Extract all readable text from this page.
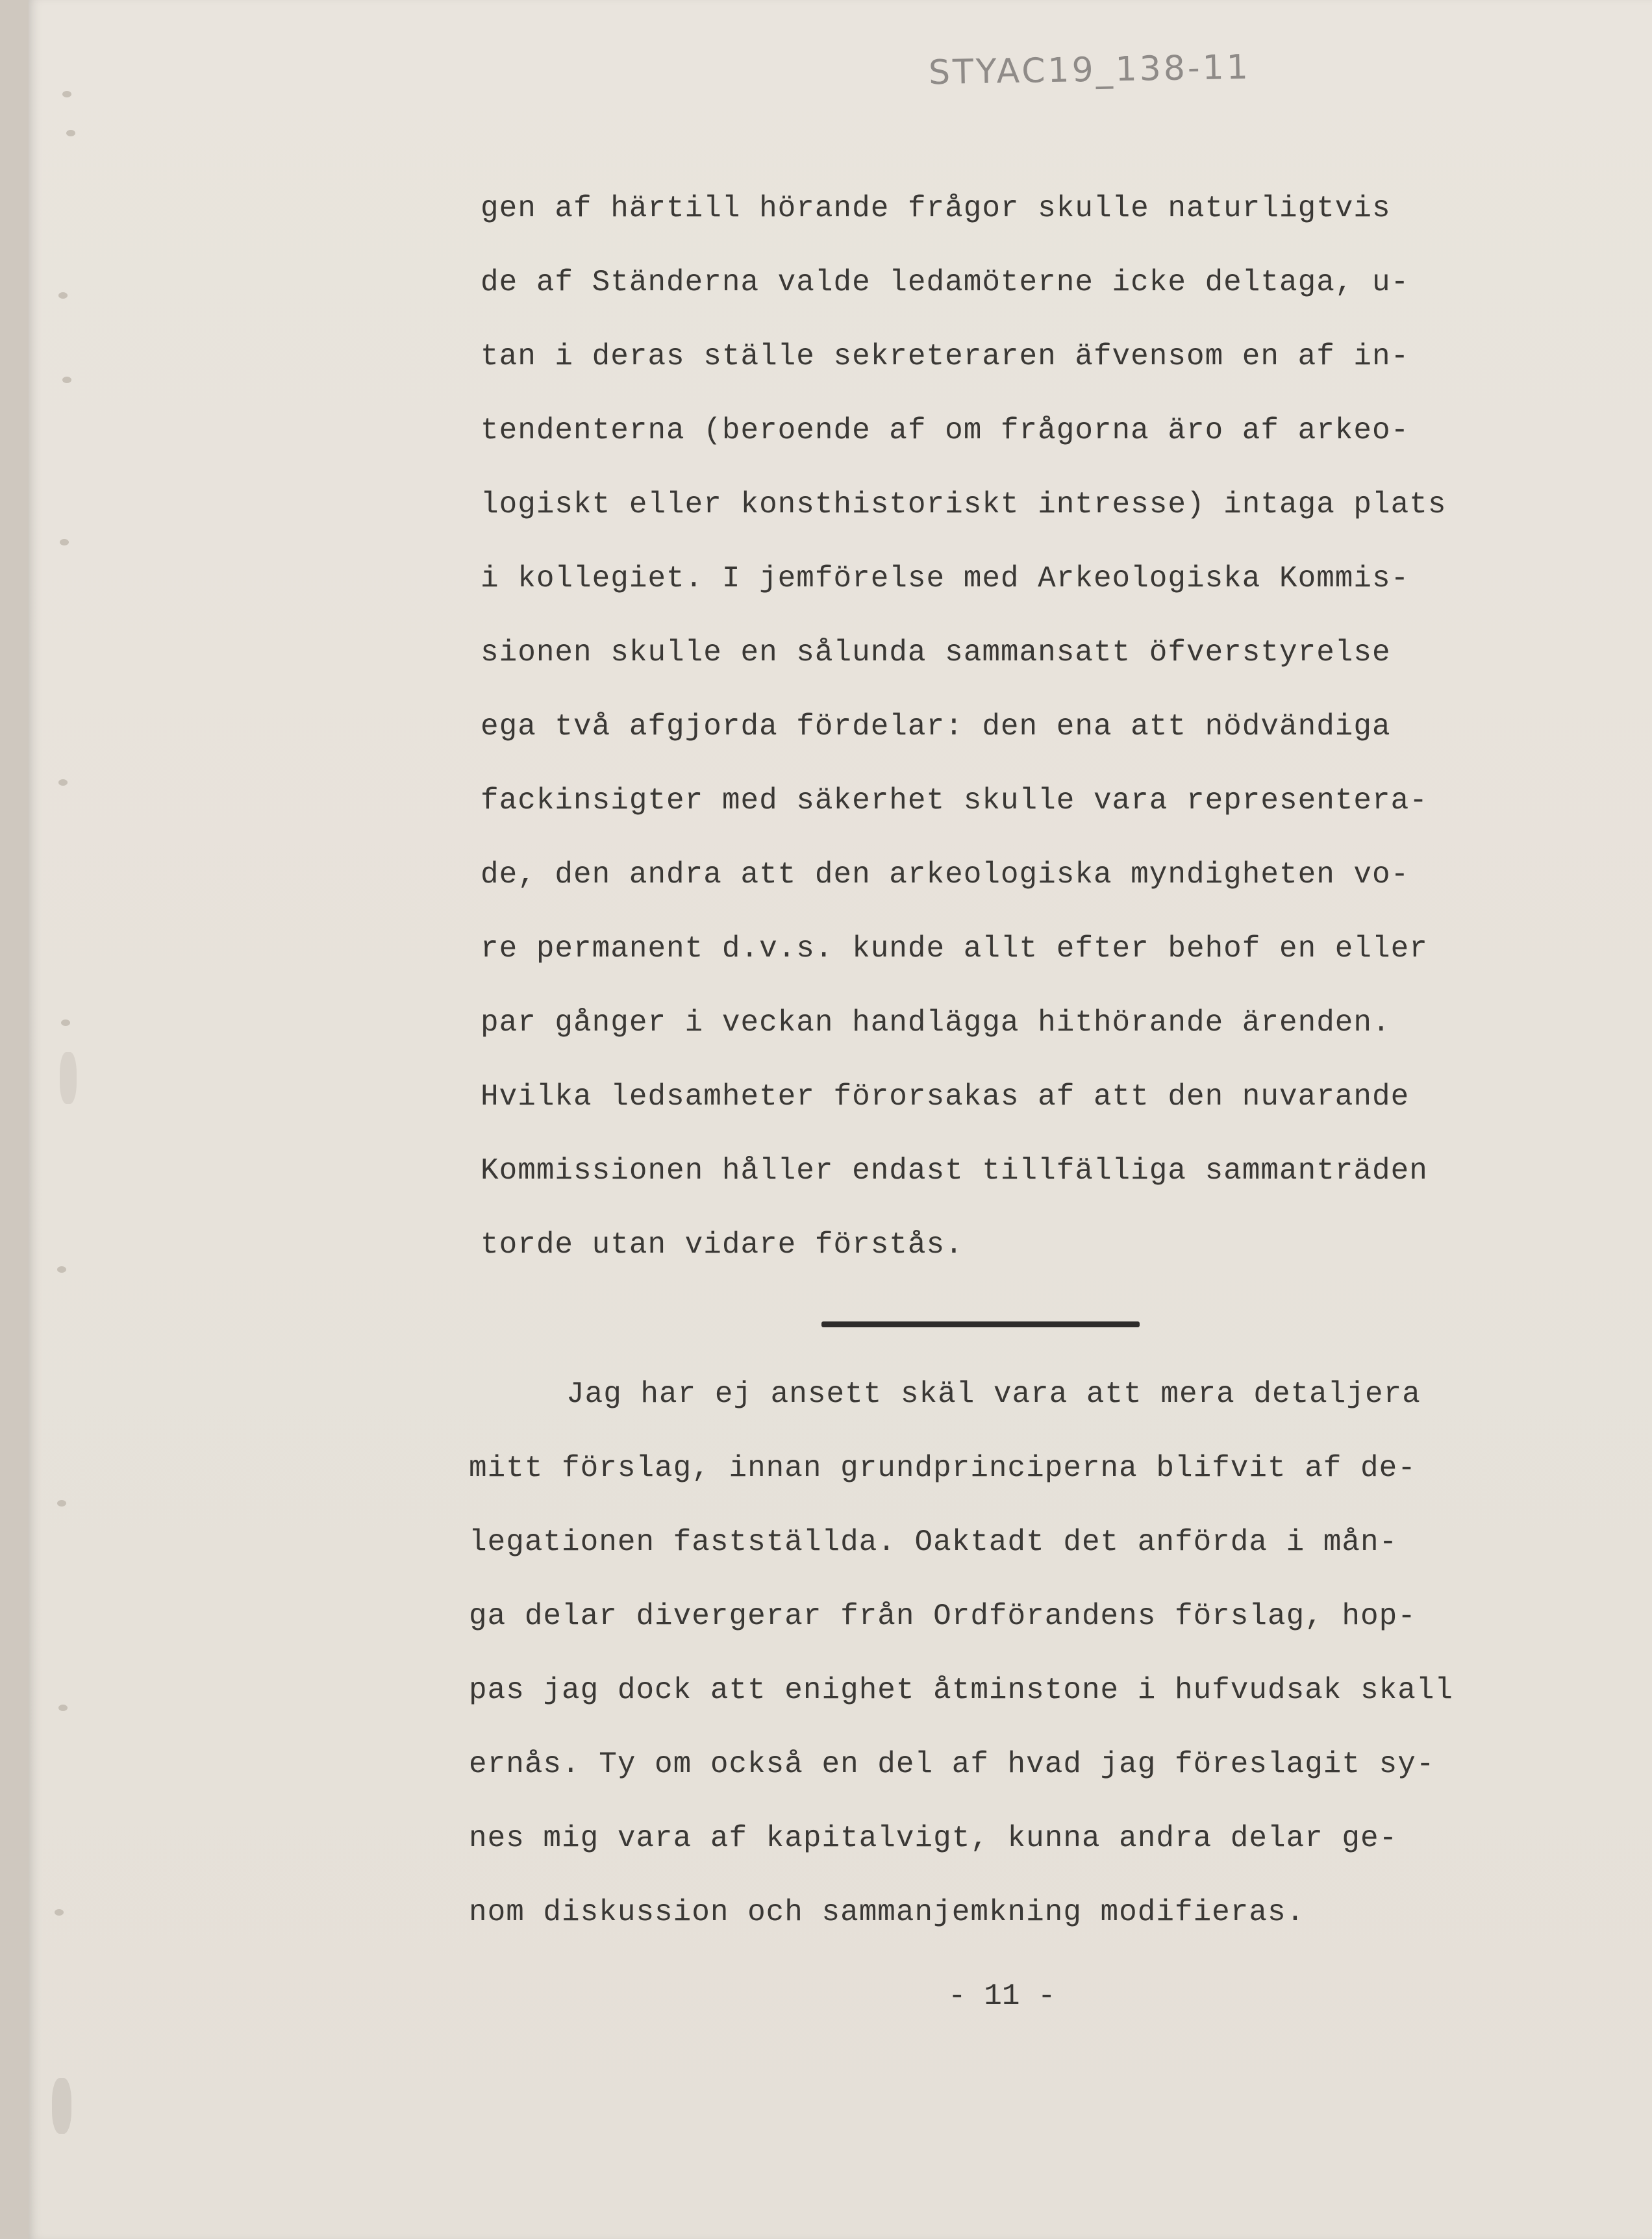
STYAC19_138-11

gen af härtill hörande frågor skulle naturligtvis
de af Ständerna valde ledamöterne icke deltaga, u-
tan i deras ställe sekreteraren äfvensom en af in-
tendenterna (beroende af om frågorna äro af arkeo-
logiskt eller konsthistoriskt intresse) intaga plats
i kollegiet. I jemförelse med Arkeologiska Kommis-
sionen skulle en sålunda sammansatt öfverstyrelse
ega två afgjorda fördelar: den ena att nödvändiga
fackinsigter med säkerhet skulle vara representera-
de, den andra att den arkeologiska myndigheten vo-
re permanent d.v.s. kunde allt efter behof en eller
par gånger i veckan handlägga hithörande ärenden.
Hvilka ledsamheter förorsakas af att den nuvarande
Kommissionen håller endast tillfälliga sammanträden
torde utan vidare förstås.

Jag har ej ansett skäl vara att mera detaljera
mitt förslag, innan grundprinciperna blifvit af de-
legationen fastställda. Oaktadt det anförda i mån-
ga delar divergerar från Ordförandens förslag, hop-
pas jag dock att enighet åtminstone i hufvudsak skall
ernås. Ty om också en del af hvad jag föreslagit sy-
nes mig vara af kapitalvigt, kunna andra delar ge-
nom diskussion och sammanjemkning modifieras.

- 11 -
